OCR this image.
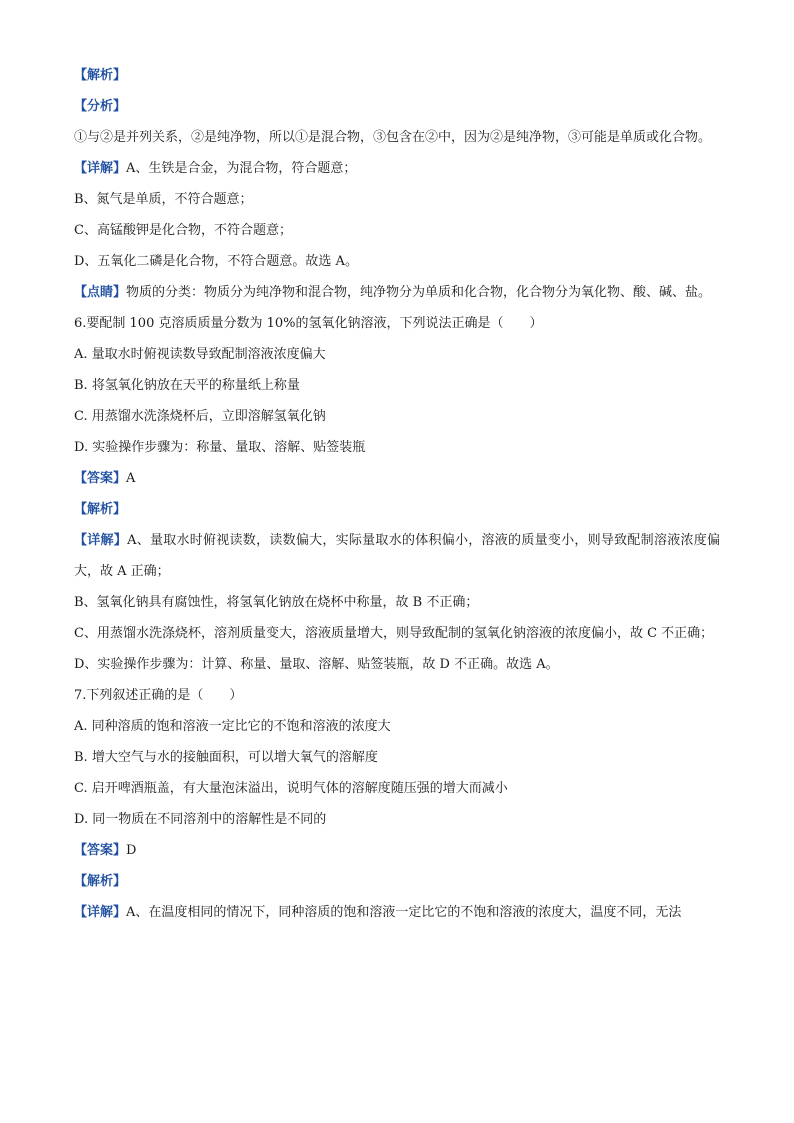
【解析】
【分析】
①与②是并列关系，②是纯净物，所以①是混合物，③包含在②中，因为②是纯净物，③可能是单质或化合物。
【详解】A、生铁是合金，为混合物，符合题意；
B、氮气是单质，不符合题意；
C、高锰酸钾是化合物，不符合题意；
D、五氧化二磷是化合物，不符合题意。故选 A。
【点睛】物质的分类：物质分为纯净物和混合物，纯净物分为单质和化合物，化合物分为氧化物、酸、碱、盐。
6.要配制 100 克溶质质量分数为 10%的氢氧化钠溶液，下列说法正确是（　　）
A. 量取水时俯视读数导致配制溶液浓度偏大
B. 将氢氧化钠放在天平的称量纸上称量
C. 用蒸馏水洗涤烧杯后，立即溶解氢氧化钠
D. 实验操作步骤为：称量、量取、溶解、贴签装瓶
【答案】A
【解析】
【详解】A、量取水时俯视读数，读数偏大，实际量取水的体积偏小，溶液的质量变小，则导致配制溶液浓度偏大，故 A 正确；
B、氢氧化钠具有腐蚀性，将氢氧化钠放在烧杯中称量，故 B 不正确；
C、用蒸馏水洗涤烧杯，溶剂质量变大，溶液质量增大，则导致配制的氢氧化钠溶液的浓度偏小，故 C 不正确；
D、实验操作步骤为：计算、称量、量取、溶解、贴签装瓶，故 D 不正确。故选 A。
7.下列叙述正确的是（　　）
A. 同种溶质的饱和溶液一定比它的不饱和溶液的浓度大
B. 增大空气与水的接触面积，可以增大氧气的溶解度
C. 启开啤酒瓶盖，有大量泡沫溢出，说明气体的溶解度随压强的增大而减小
D. 同一物质在不同溶剂中的溶解性是不同的
【答案】D
【解析】
【详解】A、在温度相同的情况下，同种溶质的饱和溶液一定比它的不饱和溶液的浓度大，温度不同，无法
